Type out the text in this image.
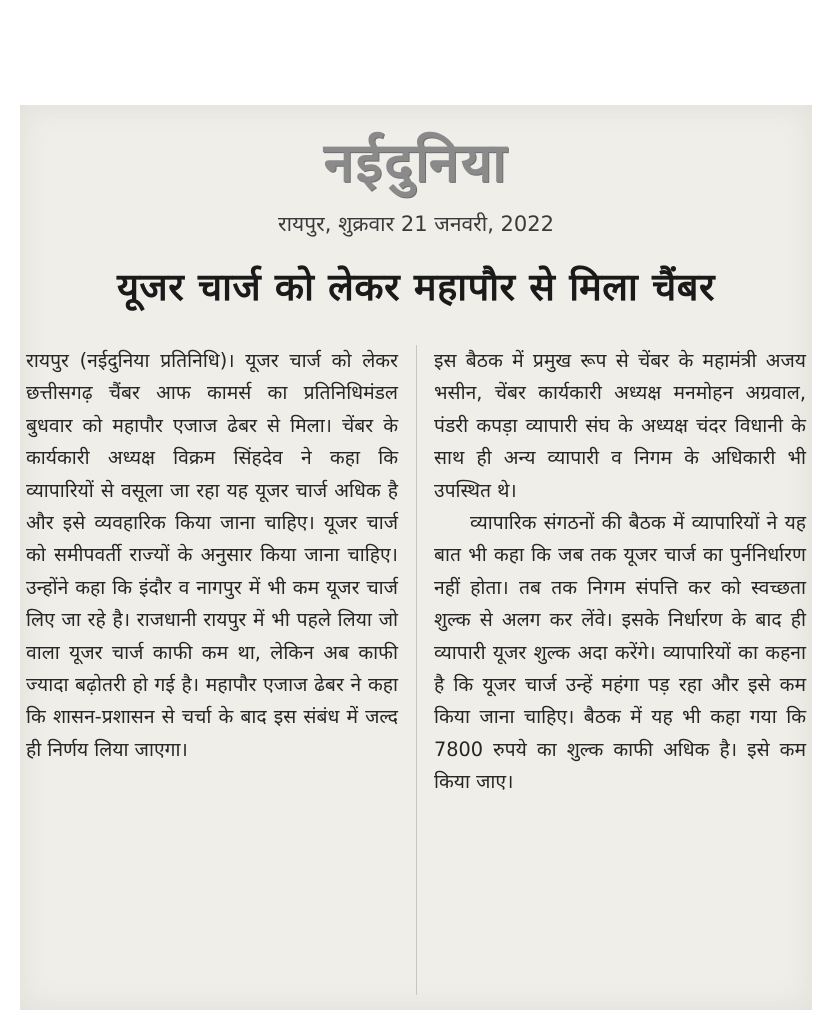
नईदुनिया
रायपुर, शुक्रवार 21 जनवरी, 2022
यूजर चार्ज को लेकर महापौर से मिला चैंबर

रायपुर (नईदुनिया प्रतिनिधि)। यूजर चार्ज को लेकर छत्तीसगढ़ चैंबर आफ कामर्स का प्रतिनिधिमंडल बुधवार को महापौर एजाज ढेबर से मिला। चेंबर के कार्यकारी अध्यक्ष विक्रम सिंहदेव ने कहा कि व्यापारियों से वसूला जा रहा यह यूजर चार्ज अधिक है और इसे व्यवहारिक किया जाना चाहिए। यूजर चार्ज को समीपवर्ती राज्यों के अनुसार किया जाना चाहिए। उन्होंने कहा कि इंदौर व नागपुर में भी कम यूजर चार्ज लिए जा रहे है। राजधानी रायपुर में भी पहले लिया जो वाला यूजर चार्ज काफी कम था, लेकिन अब काफी ज्यादा बढ़ोतरी हो गई है। महापौर एजाज ढेबर ने कहा कि शासन-प्रशासन से चर्चा के बाद इस संबंध में जल्द ही निर्णय लिया जाएगा।

इस बैठक में प्रमुख रूप से चेंबर के महामंत्री अजय भसीन, चेंबर कार्यकारी अध्यक्ष मनमोहन अग्रवाल, पंडरी कपड़ा व्यापारी संघ के अध्यक्ष चंदर विधानी के साथ ही अन्य व्यापारी व निगम के अधिकारी भी उपस्थित थे।

व्यापारिक संगठनों की बैठक में व्यापारियों ने यह बात भी कहा कि जब तक यूजर चार्ज का पुर्ननिर्धारण नहीं होता। तब तक निगम संपत्ति कर को स्वच्छता शुल्क से अलग कर लेंवे। इसके निर्धारण के बाद ही व्यापारी यूजर शुल्क अदा करेंगे। व्यापारियों का कहना है कि यूजर चार्ज उन्हें महंगा पड़ रहा और इसे कम किया जाना चाहिए। बैठक में यह भी कहा गया कि 7800 रुपये का शुल्क काफी अधिक है। इसे कम किया जाए।
